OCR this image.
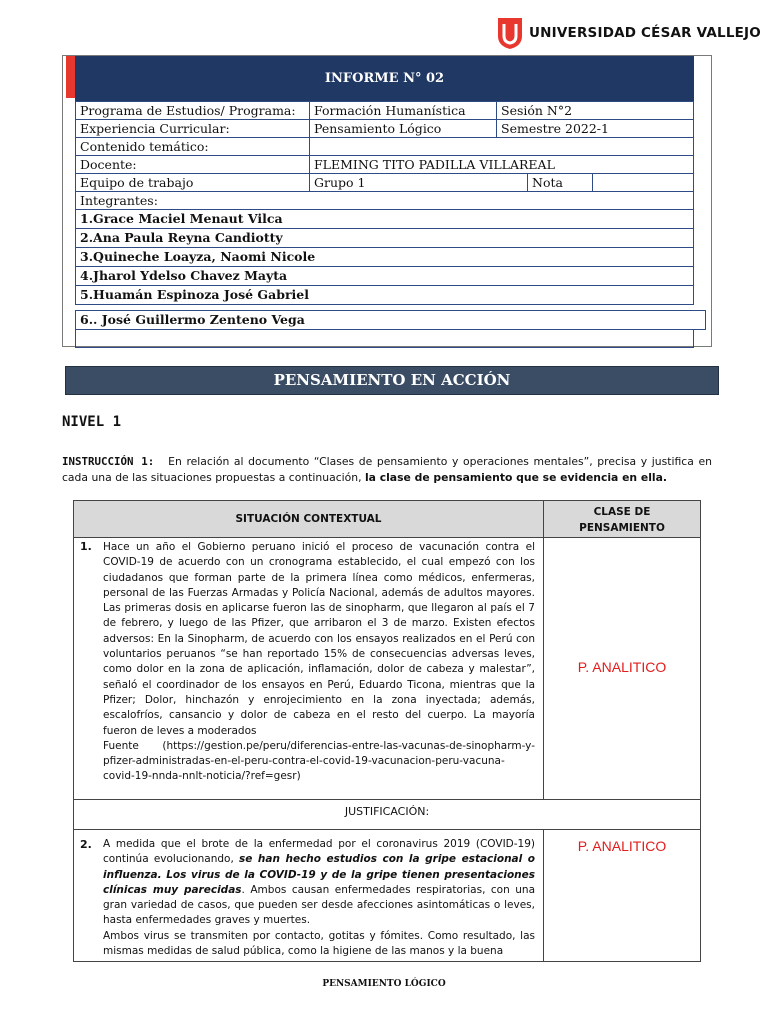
UNIVERSIDAD CÉSAR VALLEJO
INFORME N° 02
Programa de Estudios/ Programa:	Formación Humanística	Sesión N°2
Experiencia Curricular:	Pensamiento Lógico	Semestre 2022-1
Contenido temático:
Docente:	FLEMING TITO PADILLA VILLAREAL
Equipo de trabajo	Grupo 1	Nota
Integrantes:
1.Grace Maciel Menaut Vilca
2.Ana Paula Reyna Candiotty
3.Quineche Loayza, Naomi Nicole
4.Jharol Ydelso Chavez Mayta
5.Huamán Espinoza José Gabriel
6.. José Guillermo Zenteno Vega
PENSAMIENTO EN ACCIÓN
NIVEL 1
INSTRUCCIÓN 1: En relación al documento “Clases de pensamiento y operaciones mentales”, precisa y justifica en cada una de las situaciones propuestas a continuación, la clase de pensamiento que se evidencia en ella.
SITUACIÓN CONTEXTUAL
CLASE DE PENSAMIENTO
1. Hace un año el Gobierno peruano inició el proceso de vacunación contra el COVID-19 de acuerdo con un cronograma establecido, el cual empezó con los ciudadanos que forman parte de la primera línea como médicos, enfermeras, personal de las Fuerzas Armadas y Policía Nacional, además de adultos mayores. Las primeras dosis en aplicarse fueron las de sinopharm, que llegaron al país el 7 de febrero, y luego de las Pfizer, que arribaron el 3 de marzo. Existen efectos adversos: En la Sinopharm, de acuerdo con los ensayos realizados en el Perú con voluntarios peruanos “se han reportado 15% de consecuencias adversas leves, como dolor en la zona de aplicación, inflamación, dolor de cabeza y malestar”, señaló el coordinador de los ensayos en Perú, Eduardo Ticona, mientras que la Pfizer; Dolor, hinchazón y enrojecimiento en la zona inyectada; además, escalofríos, cansancio y dolor de cabeza en el resto del cuerpo. La mayoría fueron de leves a moderados
Fuente (https://gestion.pe/peru/diferencias-entre-las-vacunas-de-sinopharm-y-pfizer-administradas-en-el-peru-contra-el-covid-19-vacunacion-peru-vacuna-covid-19-nnda-nnlt-noticia/?ref=gesr)
P. ANALITICO
JUSTIFICACIÓN:
2. A medida que el brote de la enfermedad por el coronavirus 2019 (COVID-19) continúa evolucionando, se han hecho estudios con la gripe estacional o influenza. Los virus de la COVID-19 y de la gripe tienen presentaciones clínicas muy parecidas. Ambos causan enfermedades respiratorias, con una gran variedad de casos, que pueden ser desde afecciones asintomáticas o leves, hasta enfermedades graves y muertes.
Ambos virus se transmiten por contacto, gotitas y fómites. Como resultado, las mismas medidas de salud pública, como la higiene de las manos y la buena
P. ANALITICO
PENSAMIENTO LÓGICO
